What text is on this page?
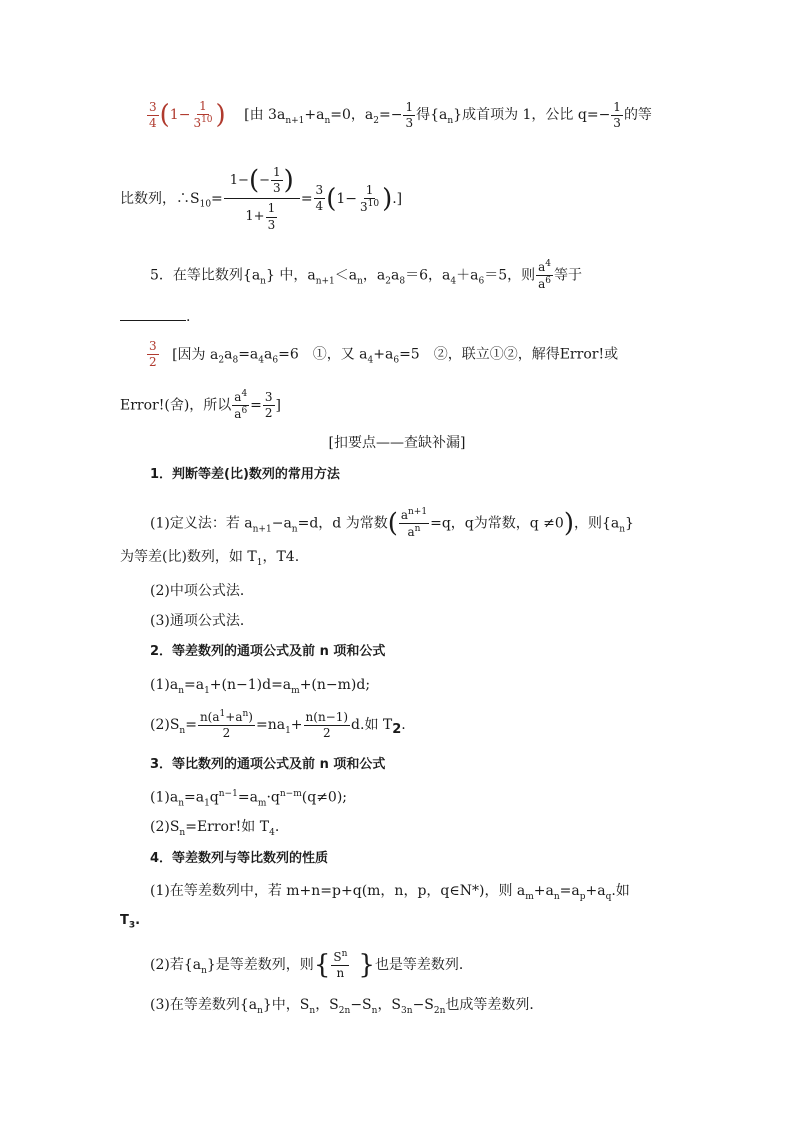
$\frac{3}{4} (1- \frac{1}{3^{10}}$ ) [由 $3a_{n+1}+a_n=0$，$a_2=- \frac{1}{3}$ 得$\{a_n\}$成首项为 1，公比 $q=- \frac{1}{3}$ 的等
比数列，$\therefore S_{10}= \frac{1-(- \frac{1}{3} )}{1+ \frac{1}{3}} = \frac{3}{4} (1- \frac{1}{3^{10}}$ ).]
5．在等比数列$\{a_n\}$ 中，$a_{n+1}<a_n$，$a_2a_8=6$，$a_4+a_6=5$，则 $\frac{a^4}{a^6}$ 等于
.
$\frac{3}{2}$ [因为 $a_2a_8=a_4a_6=6$　①，又 $a_4+a_6=5$　②，联立①②，解得Error!或
Error!(舍)，所以 $\frac{a^4}{a^6} = \frac{3}{2}$ ]
[扣要点——查缺补漏]
1．判断等差(比)数列的常用方法
(1)定义法：若 $a_{n+1}-a_n=d$，d 为常数( $\frac{a^{n+1}}{a^n} =q$，q为常数，q ≠0)，则$\{a_n\}$
为等差(比)数列，如 $T_1$，T4.
(2)中项公式法．
(3)通项公式法．
2．等差数列的通项公式及前 n 项和公式
$(1)a_n=a_1+(n-1)d=a_m+(n-m)d$;
$(2)S_n= \frac{n(a^1+a^n)}{2} =na_1+ \frac{n(n-1)}{2} d$.如 $T_2$.
3．等比数列的通项公式及前 n 项和公式
$(1)a_n=a_1q^{n-1}=a_m\cdot q^{n-m}(q\ne 0)$;
$(2)S_n=Error$!如 $T_4$.
4．等差数列与等比数列的性质
(1)在等差数列中，若 m+n=p+q(m，n，p，q∈N*)，则 $a_m+a_n=a_p+a_q$.如
$T_3$.
(2)若$\{a_n\}$是等差数列，则{ $\frac{S^n}{n}$ }也是等差数列．
(3)在等差数列$\{a_n\}$中，$S_n$，$S_{2n}-S_n$，$S_{3n}-S_{2n}$也成等差数列．
